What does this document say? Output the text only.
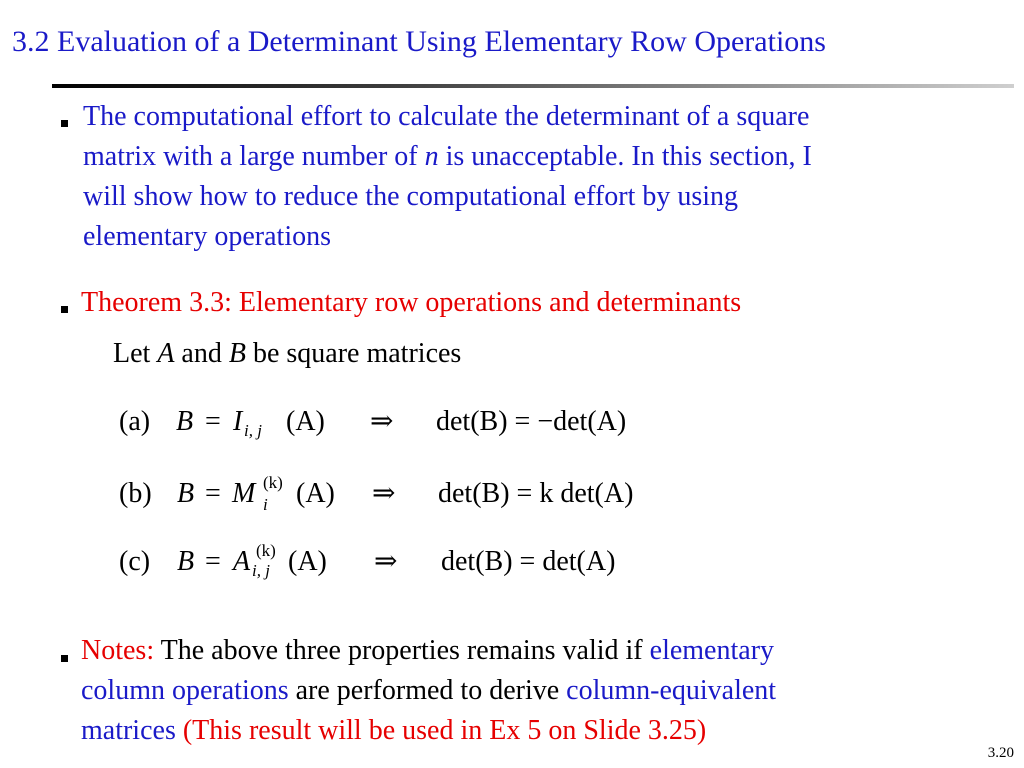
3.2 Evaluation of a Determinant Using Elementary Row Operations
The computational effort to calculate the determinant of a square
matrix with a large number of n is unacceptable. In this section, I
will show how to reduce the computational effort by using
elementary operations
Theorem 3.3: Elementary row operations and determinants
Let A and B be square matrices
(a) B = I i, j (A) ⇒ det(B) = −det(A)
(b) B = M (k)
i (A) ⇒ det(B) = k det(A)
(c) B = A (k)
i, j (A) ⇒ det(B) = det(A)
Notes: The above three properties remains valid if elementary
column operations are performed to derive column-equivalent
matrices (This result will be used in Ex 5 on Slide 3.25)
3.20
